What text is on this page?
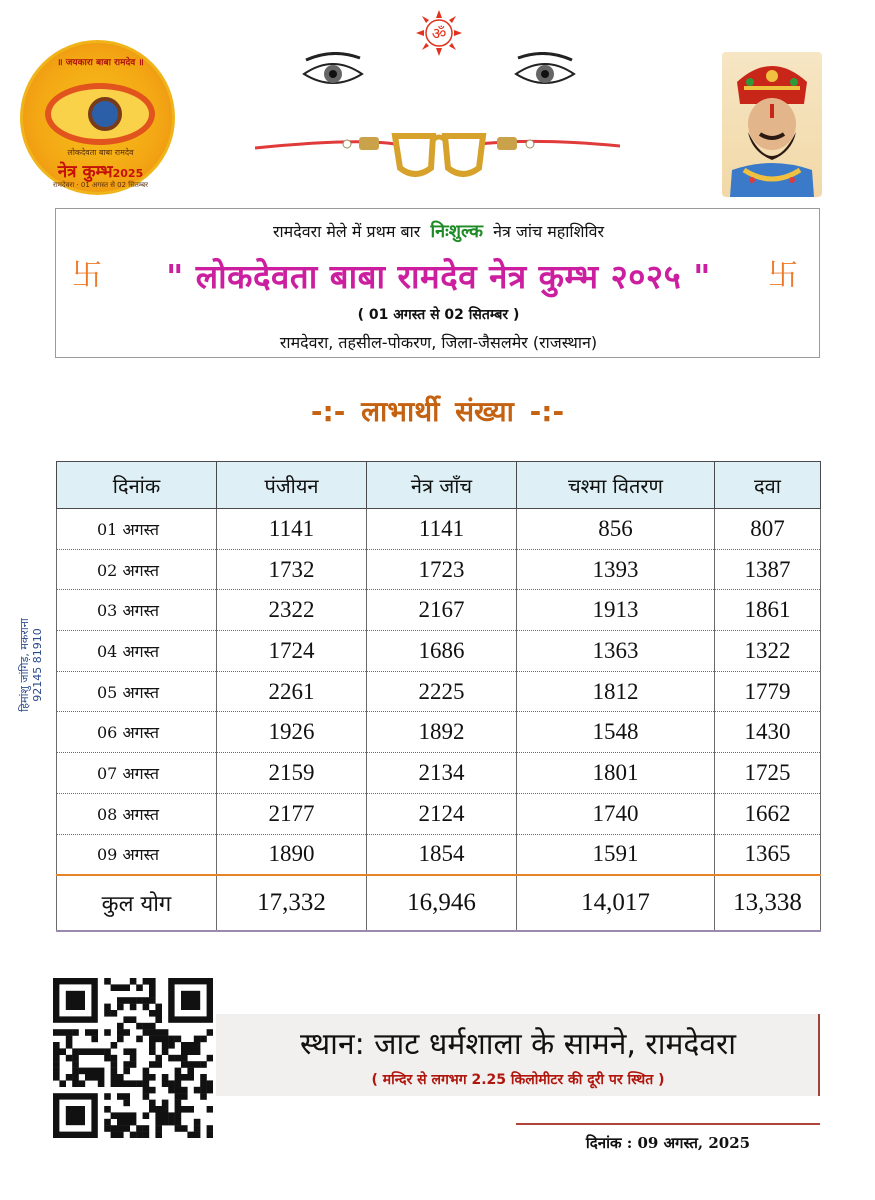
ॐ
॥ जयकारा बाबा रामदेव ॥
लोकदेवता बाबा रामदेव
नेत्र कुम्भ2025
रामदेवरा · 01 अगस्त से 02 सितम्बर
रामदेवरा मेले में प्रथम बार निःशुल्क नेत्र जांच महाशिविर
卐	" लोकदेवता बाबा रामदेव नेत्र कुम्भ २०२५ "	卐
( 01 अगस्त से 02 सितम्बर )
रामदेवरा, तहसील-पोकरण, जिला-जैसलमेर (राजस्थान)
-:- लाभार्थी संख्या -:-
हिमांशु जांगिड़, मकराना 92145 81910
दिनांक	पंजीयन	नेत्र जाँच	चश्मा वितरण	दवा
01 अगस्त	1141	1141	856	807
02 अगस्त	1732	1723	1393	1387
03 अगस्त	2322	2167	1913	1861
04 अगस्त	1724	1686	1363	1322
05 अगस्त	2261	2225	1812	1779
06 अगस्त	1926	1892	1548	1430
07 अगस्त	2159	2134	1801	1725
08 अगस्त	2177	2124	1740	1662
09 अगस्त	1890	1854	1591	1365
कुल योग	17,332	16,946	14,017	13,338
स्थान: जाट धर्मशाला के सामने, रामदेवरा
( मन्दिर से लगभग 2.25 किलोमीटर की दूरी पर स्थित )
दिनांक : 09 अगस्त, 2025
